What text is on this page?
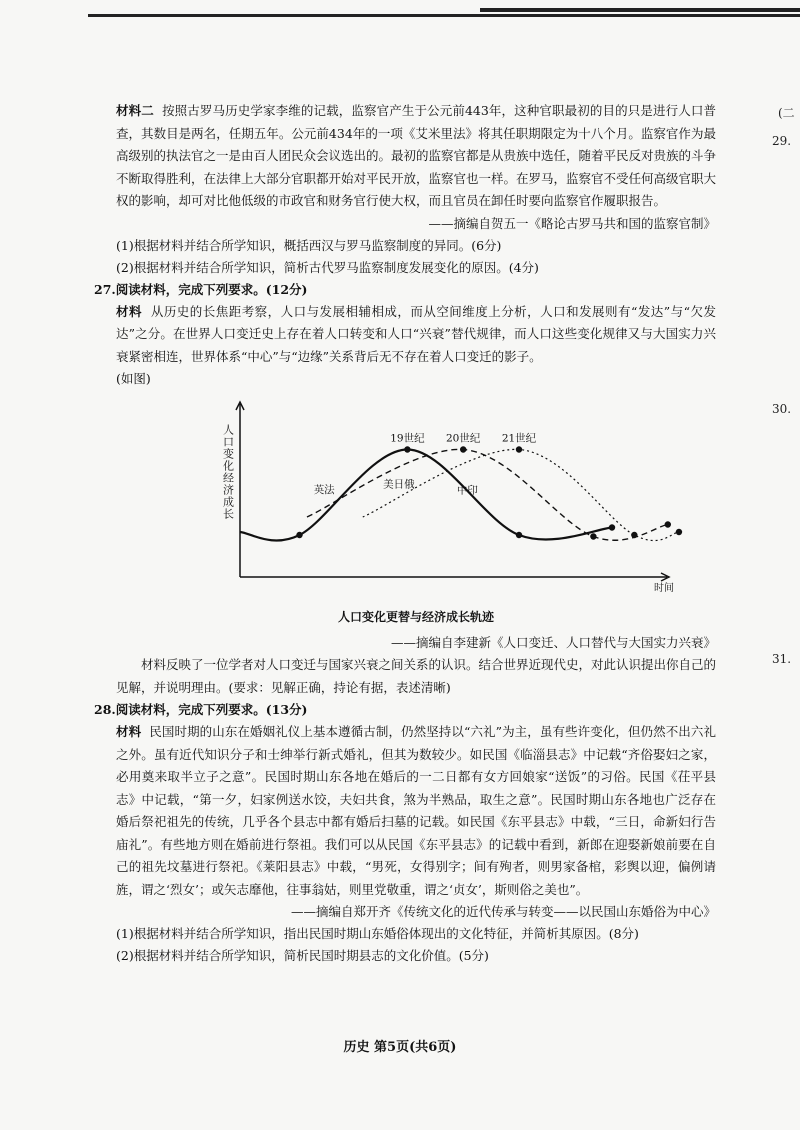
材料二 按照古罗马历史学家李维的记载，监察官产生于公元前443年，这种官职最初的目的只是进行人口普查，其数目是两名，任期五年。公元前434年的一项《艾米里法》将其任职期限定为十八个月。监察官作为最高级别的执法官之一是由百人团民众会议选出的。最初的监察官都是从贵族中选任，随着平民反对贵族的斗争不断取得胜利，在法律上大部分官职都开始对平民开放，监察官也一样。在罗马，监察官不受任何高级官职大权的影响，却可对比他低级的市政官和财务官行使大权，而且官员在卸任时要向监察官作履职报告。

——摘编自贺五一《略论古罗马共和国的监察官制》

(1)根据材料并结合所学知识，概括西汉与罗马监察制度的异同。(6分)

(2)根据材料并结合所学知识，简析古代罗马监察制度发展变化的原因。(4分)

27.阅读材料，完成下列要求。(12分)

材料 从历史的长焦距考察，人口与发展相辅相成，而从空间维度上分析，人口和发展则有“发达”与“欠发达”之分。在世界人口变迁史上存在着人口转变和人口“兴衰”替代规律，而人口这些变化规律又与大国实力兴衰紧密相连，世界体系“中心”与“边缘”关系背后无不存在着人口变迁的影子。

(如图)

人口变化经济成长
时间
人口变化更替与经济成长轨迹
19世纪
英法
20世纪
美日俄
21世纪
中印

——摘编自李建新《人口变迁、人口替代与大国实力兴衰》

材料反映了一位学者对人口变迁与国家兴衰之间关系的认识。结合世界近现代史，对此认识提出你自己的见解，并说明理由。(要求：见解正确，持论有据，表述清晰)

28.阅读材料，完成下列要求。(13分)

材料 民国时期的山东在婚姻礼仪上基本遵循古制，仍然坚持以“六礼”为主，虽有些许变化，但仍然不出六礼之外。虽有近代知识分子和士绅举行新式婚礼，但其为数较少。如民国《临淄县志》中记载“齐俗娶妇之家，必用奠来取半立子之意”。民国时期山东各地在婚后的一二日都有女方回娘家“送饭”的习俗。民国《茌平县志》中记载，“第一夕，妇家例送水饺，夫妇共食，煞为半熟品，取生之意”。民国时期山东各地也广泛存在婚后祭祀祖先的传统，几乎各个县志中都有婚后扫墓的记载。如民国《东平县志》中载，“三日，命新妇行告庙礼”。有些地方则在婚前进行祭祖。我们可以从民国《东平县志》的记载中看到，新郎在迎娶新娘前要在自己的祖先坟墓进行祭祀。《莱阳县志》中载，“男死，女得别字；间有殉者，则男家备棺，彩舆以迎，偏例请旌，谓之‘烈女’；或矢志靡他，往事翁姑，则里党敬重，谓之‘贞女’，斯则俗之美也”。

——摘编自郑开齐《传统文化的近代传承与转变——以民国山东婚俗为中心》

(1)根据材料并结合所学知识，指出民国时期山东婚俗体现出的文化特征，并简析其原因。(8分)

(2)根据材料并结合所学知识，简析民国时期县志的文化价值。(5分)

历史 第5页(共6页)
(二
29.
30.
31.
